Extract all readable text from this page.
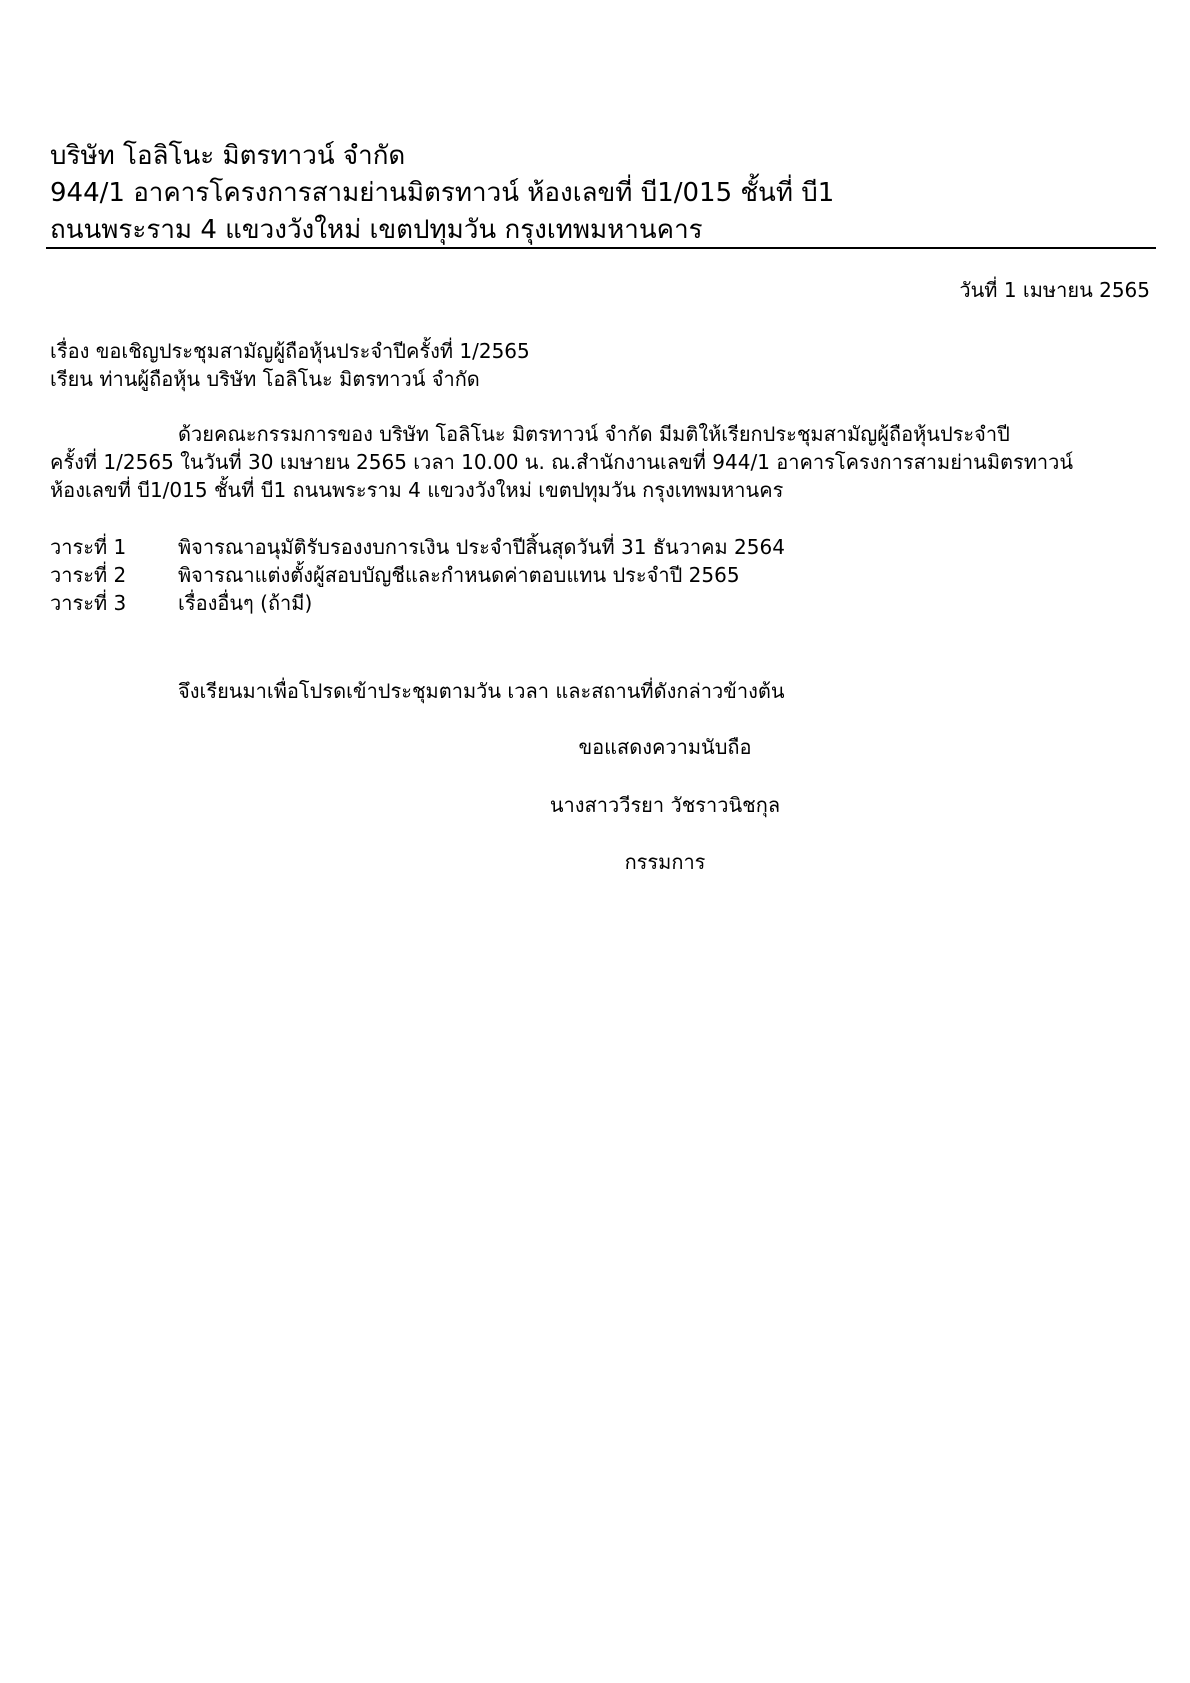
บริษัท โอลิโนะ มิตรทาวน์ จำกัด
944/1 อาคารโครงการสามย่านมิตรทาวน์ ห้องเลขที่ บี1/015 ชั้นที่ บี1
ถนนพระราม 4 แขวงวังใหม่ เขตปทุมวัน กรุงเทพมหานคาร
วันที่ 1 เมษายน 2565
เรื่อง ขอเชิญประชุมสามัญผู้ถือหุ้นประจำปีครั้งที่ 1/2565
เรียน ท่านผู้ถือหุ้น บริษัท โอลิโนะ มิตรทาวน์ จำกัด
ด้วยคณะกรรมการของ บริษัท โอลิโนะ มิตรทาวน์ จำกัด มีมติให้เรียกประชุมสามัญผู้ถือหุ้นประจำปี
ครั้งที่ 1/2565 ในวันที่ 30 เมษายน 2565 เวลา 10.00 น. ณ.สำนักงานเลขที่ 944/1 อาคารโครงการสามย่านมิตรทาวน์
ห้องเลขที่ บี1/015 ชั้นที่ บี1 ถนนพระราม 4 แขวงวังใหม่ เขตปทุมวัน กรุงเทพมหานคร
วาระที่ 1	พิจารณาอนุมัติรับรองงบการเงิน ประจำปีสิ้นสุดวันที่ 31 ธันวาคม 2564
วาระที่ 2	พิจารณาแต่งตั้งผู้สอบบัญชีและกำหนดค่าตอบแทน ประจำปี 2565
วาระที่ 3	เรื่องอื่นๆ (ถ้ามี)
จึงเรียนมาเพื่อโปรดเข้าประชุมตามวัน เวลา และสถานที่ดังกล่าวข้างต้น
ขอแสดงความนับถือ
นางสาววีรยา วัชราวนิชกุล
กรรมการ
